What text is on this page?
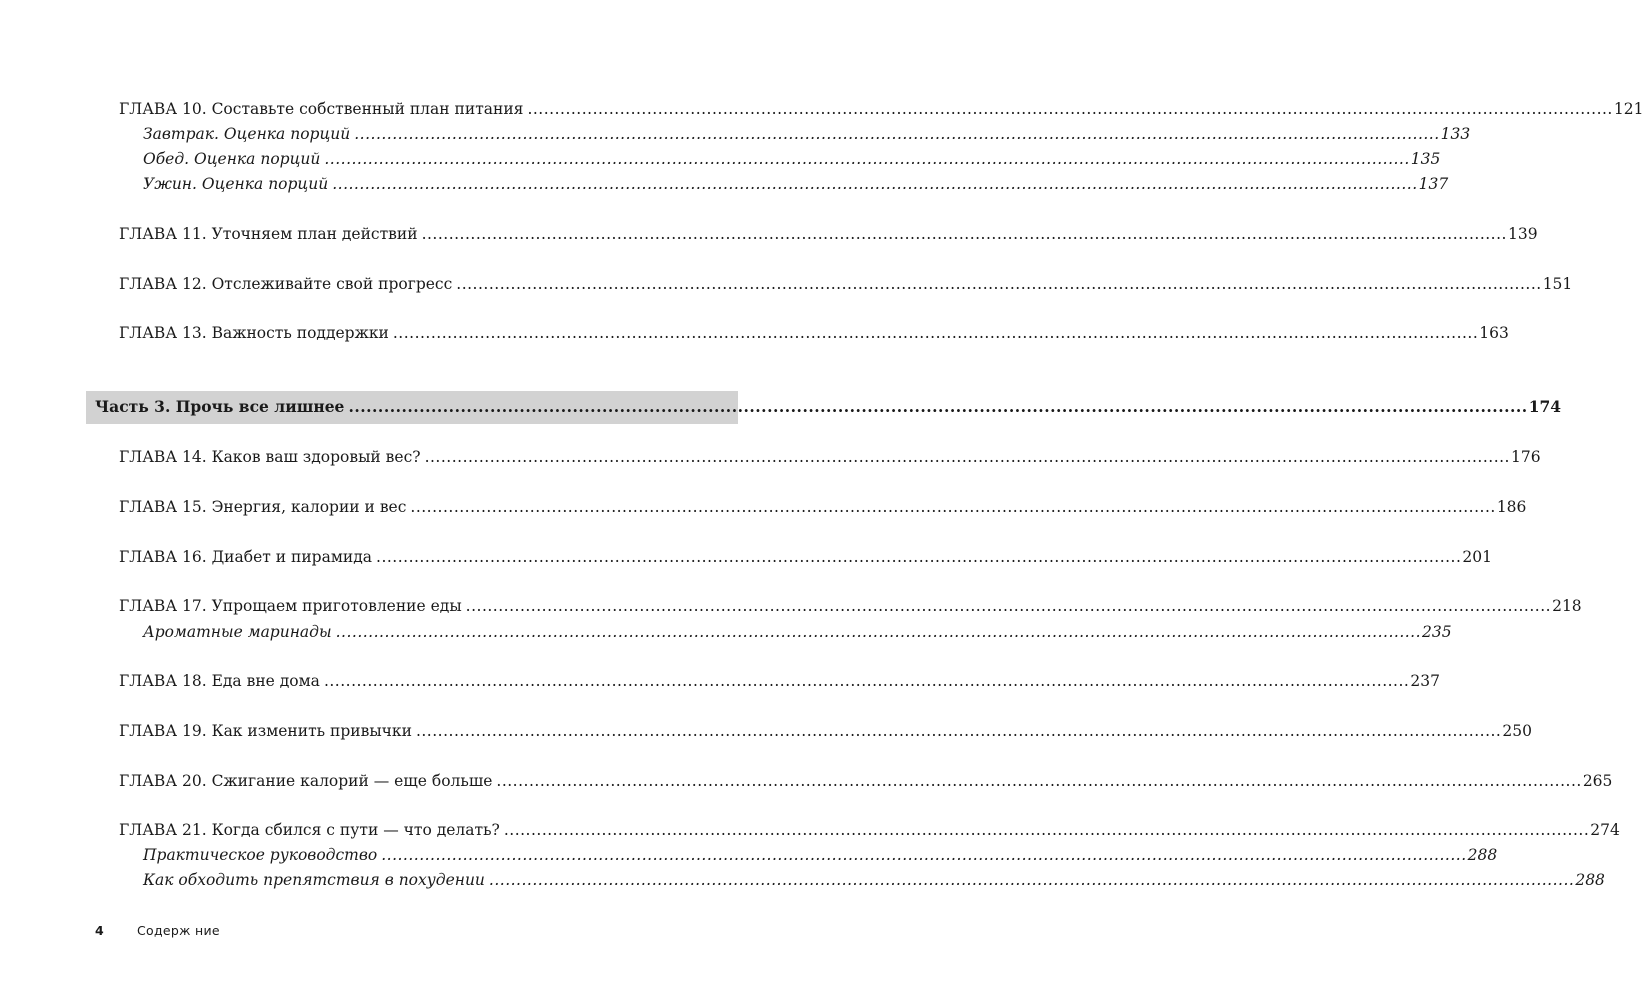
ГЛАВА 10. Составьте собственный план питания ........................................................................................................................................................................................................ 121
Завтрак. Оценка порций ........................................................................................................................................................................................................ 133
Обед. Оценка порций ........................................................................................................................................................................................................ 135
Ужин. Оценка порций ........................................................................................................................................................................................................ 137
ГЛАВА 11. Уточняем план действий ........................................................................................................................................................................................................ 139
ГЛАВА 12. Отслеживайте свой прогресс ........................................................................................................................................................................................................ 151
ГЛАВА 13. Важность поддержки ........................................................................................................................................................................................................ 163
Часть 3. Прочь все лишнее ........................................................................................................................................................................................................ 174
ГЛАВА 14. Каков ваш здоровый вес? ........................................................................................................................................................................................................ 176
ГЛАВА 15. Энергия, калории и вес ........................................................................................................................................................................................................ 186
ГЛАВА 16. Диабет и пирамида ........................................................................................................................................................................................................ 201
ГЛАВА 17. Упрощаем приготовление еды ........................................................................................................................................................................................................ 218
Ароматные маринады ........................................................................................................................................................................................................ 235
ГЛАВА 18. Еда вне дома ........................................................................................................................................................................................................ 237
ГЛАВА 19. Как изменить привычки ........................................................................................................................................................................................................ 250
ГЛАВА 20. Сжигание калорий — еще больше ........................................................................................................................................................................................................ 265
ГЛАВА 21. Когда сбился с пути — что делать? ........................................................................................................................................................................................................ 274
Практическое руководство ........................................................................................................................................................................................................ 288
Как обходить препятствия в похудении ........................................................................................................................................................................................................ 288
4	Содерж ние
